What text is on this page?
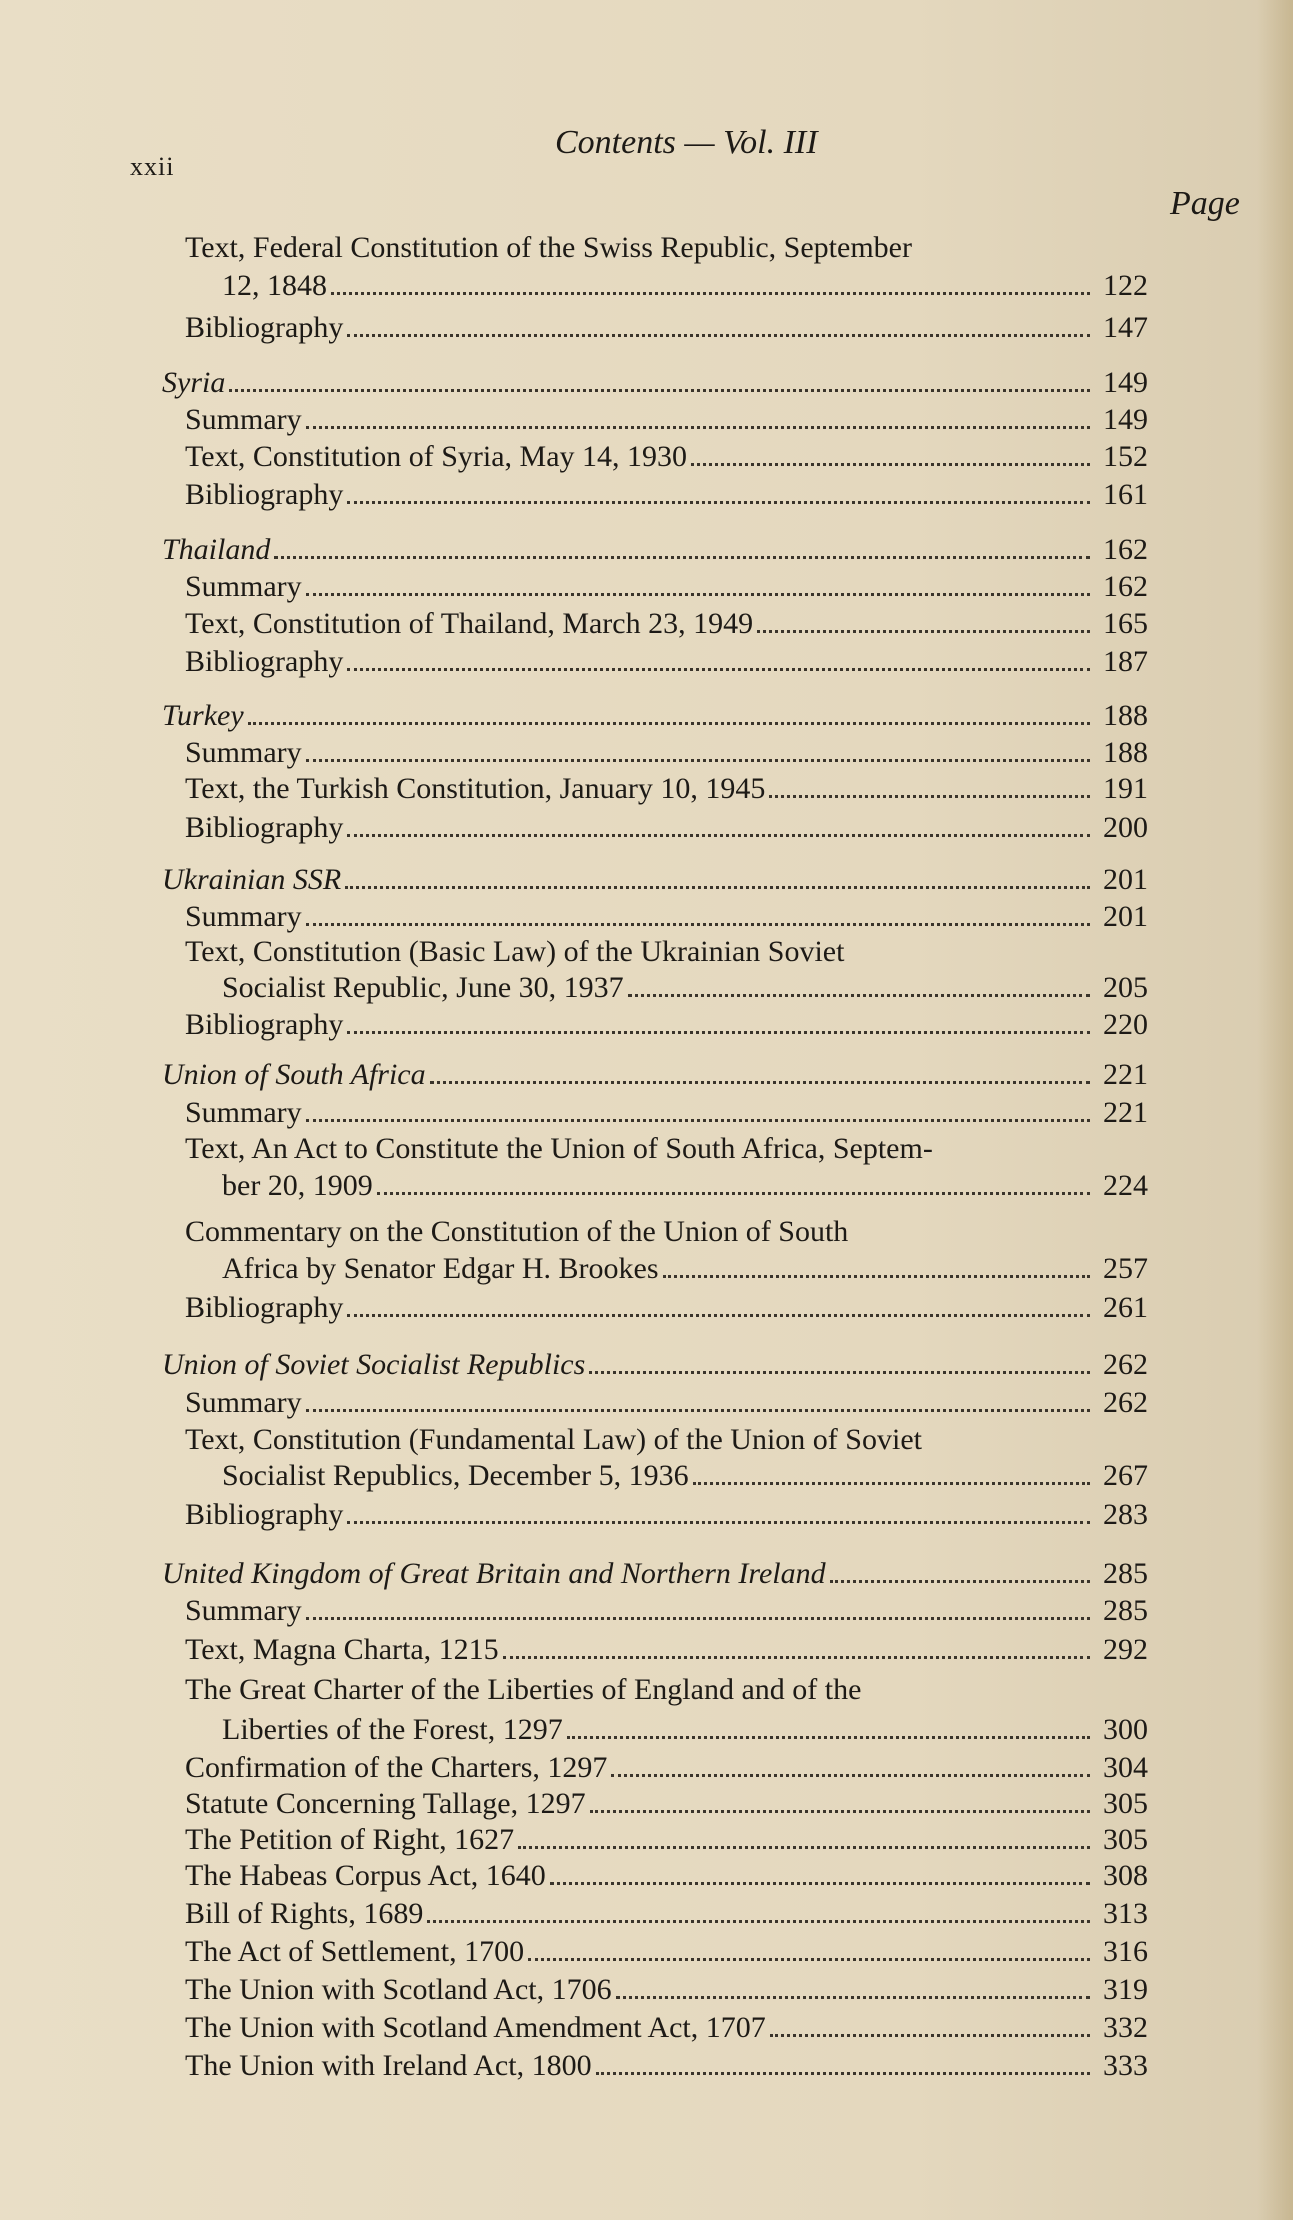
xxii
Contents — Vol. III
Page
Text, Federal Constitution of the Swiss Republic, September
12, 1848	122
Bibliography	147
Syria	149
Summary	149
Text, Constitution of Syria, May 14, 1930	152
Bibliography	161
Thailand	162
Summary	162
Text, Constitution of Thailand, March 23, 1949	165
Bibliography	187
Turkey	188
Summary	188
Text, the Turkish Constitution, January 10, 1945	191
Bibliography	200
Ukrainian SSR	201
Summary	201
Text, Constitution (Basic Law) of the Ukrainian Soviet
Socialist Republic, June 30, 1937	205
Bibliography	220
Union of South Africa	221
Summary	221
Text, An Act to Constitute the Union of South Africa, Septem-
ber 20, 1909	224
Commentary on the Constitution of the Union of South
Africa by Senator Edgar H. Brookes	257
Bibliography	261
Union of Soviet Socialist Republics	262
Summary	262
Text, Constitution (Fundamental Law) of the Union of Soviet
Socialist Republics, December 5, 1936	267
Bibliography	283
United Kingdom of Great Britain and Northern Ireland	285
Summary	285
Text, Magna Charta, 1215	292
The Great Charter of the Liberties of England and of the
Liberties of the Forest, 1297	300
Confirmation of the Charters, 1297	304
Statute Concerning Tallage, 1297	305
The Petition of Right, 1627	305
The Habeas Corpus Act, 1640	308
Bill of Rights, 1689	313
The Act of Settlement, 1700	316
The Union with Scotland Act, 1706	319
The Union with Scotland Amendment Act, 1707	332
The Union with Ireland Act, 1800	333
